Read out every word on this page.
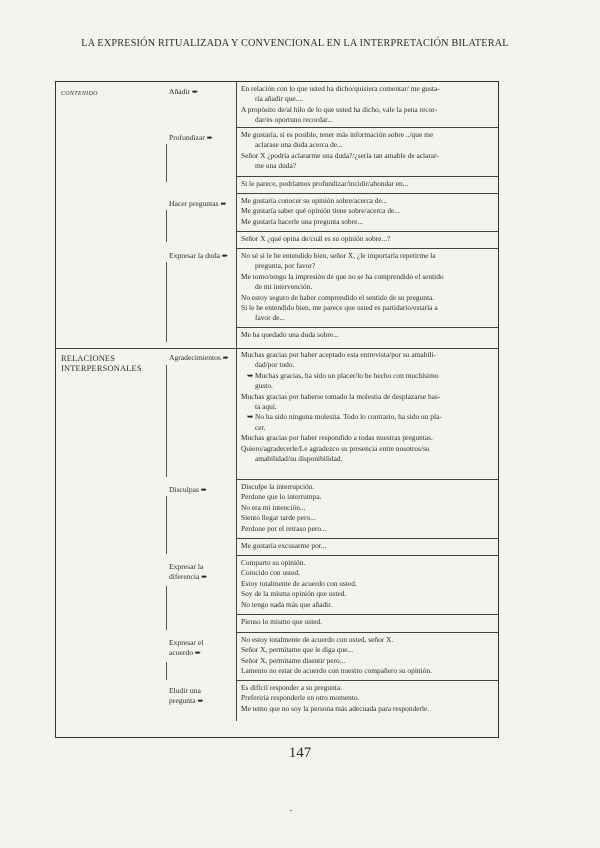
LA EXPRESIÓN RITUALIZADA Y CONVENCIONAL EN LA INTERPRETACIÓN BILATERAL
CONTENIDO	Añadir ➨
Profundizar ➨
Hacer preguntas ➨
Expresar la duda ➨
En relación con lo que usted ha dicho/quisiera comentar/ me gusta-
ría añadir que....
A propósito de/al hilo de lo que usted ha dicho, vale la pena recor-
dar/es oportuno recordar...
Me gustaría, si es posible, tener más información sobre ../que me
aclarase una duda acerca de...
Señor X ¿podría aclararme una duda?/¿sería tan amable de aclarar-
me una duda?
Si le parece, podríamos profundizar/incidir/ahondar en...
Me gustaría conocer su opinión sobre/acerca de...
Me gustaría saber qué opinión tiene sobre/acerca de...
Me gustaría hacerle una pregunta sobre...
Señor X ¿qué opina de/cuál es su opinión sobre...?
No sé si le he entendido bien, señor X, ¿le importaría repetirme la
pregunta, por favor?
Me tomo/tengo la impresión de que no se ha comprendido el sentido
de mi intervención.
No estoy seguro de haber comprendido el sentido de su pregunta.
Si le he entendido bien, me parece que usted es partidario/estaría a
favor de...
Me ha quedado una duda sobre...
RELACIONES INTERPERSONALES
Agradecimientos ➨
Disculpas ➨
Expresar la diferencia ➨
Expresar el acuerdo ➨
Eludir una pregunta ➨
Muchas gracias por haber aceptado esta entrevista/por su amabili-
dad/por todo.
➥ Muchas gracias, ha sido un placer/lo he hecho con muchísimo
gusto.
Muchas gracias por haberse tomado la molestia de desplazarse has-
ta aquí.
➥ No ha sido ninguna molestia. Todo lo contrario, ha sido un pla-
cer.
Muchas gracias por haber respondido a todas nuestras preguntas.
Quiero/agradecerle/Le agradezco su presencia entre nosotros/su
amabilidad/su disponibilidad.
Disculpe la interrupción.
Perdone que lo interrumpa.
No era mi intención...
Siento llegar tarde pero...
Perdone por el retraso pero...
Me gustaría excusarme por...
Comparto su opinión.
Coincido con usted.
Estoy totalmente de acuerdo con usted.
Soy de la misma opinión que usted.
No tengo nada más que añadir.
Pienso lo mismo que usted.
No estoy totalmente de acuerdo con usted, señor X.
Señor X, permítame que le diga que...
Señor X, permítame disentir pero...
Lamento no estar de acuerdo con nuestro compañero su opinión.
Es difícil responder a su pregunta.
Preferiría responderle en otro momento.
Me temo que no soy la persona más adecuada para responderle.
147
